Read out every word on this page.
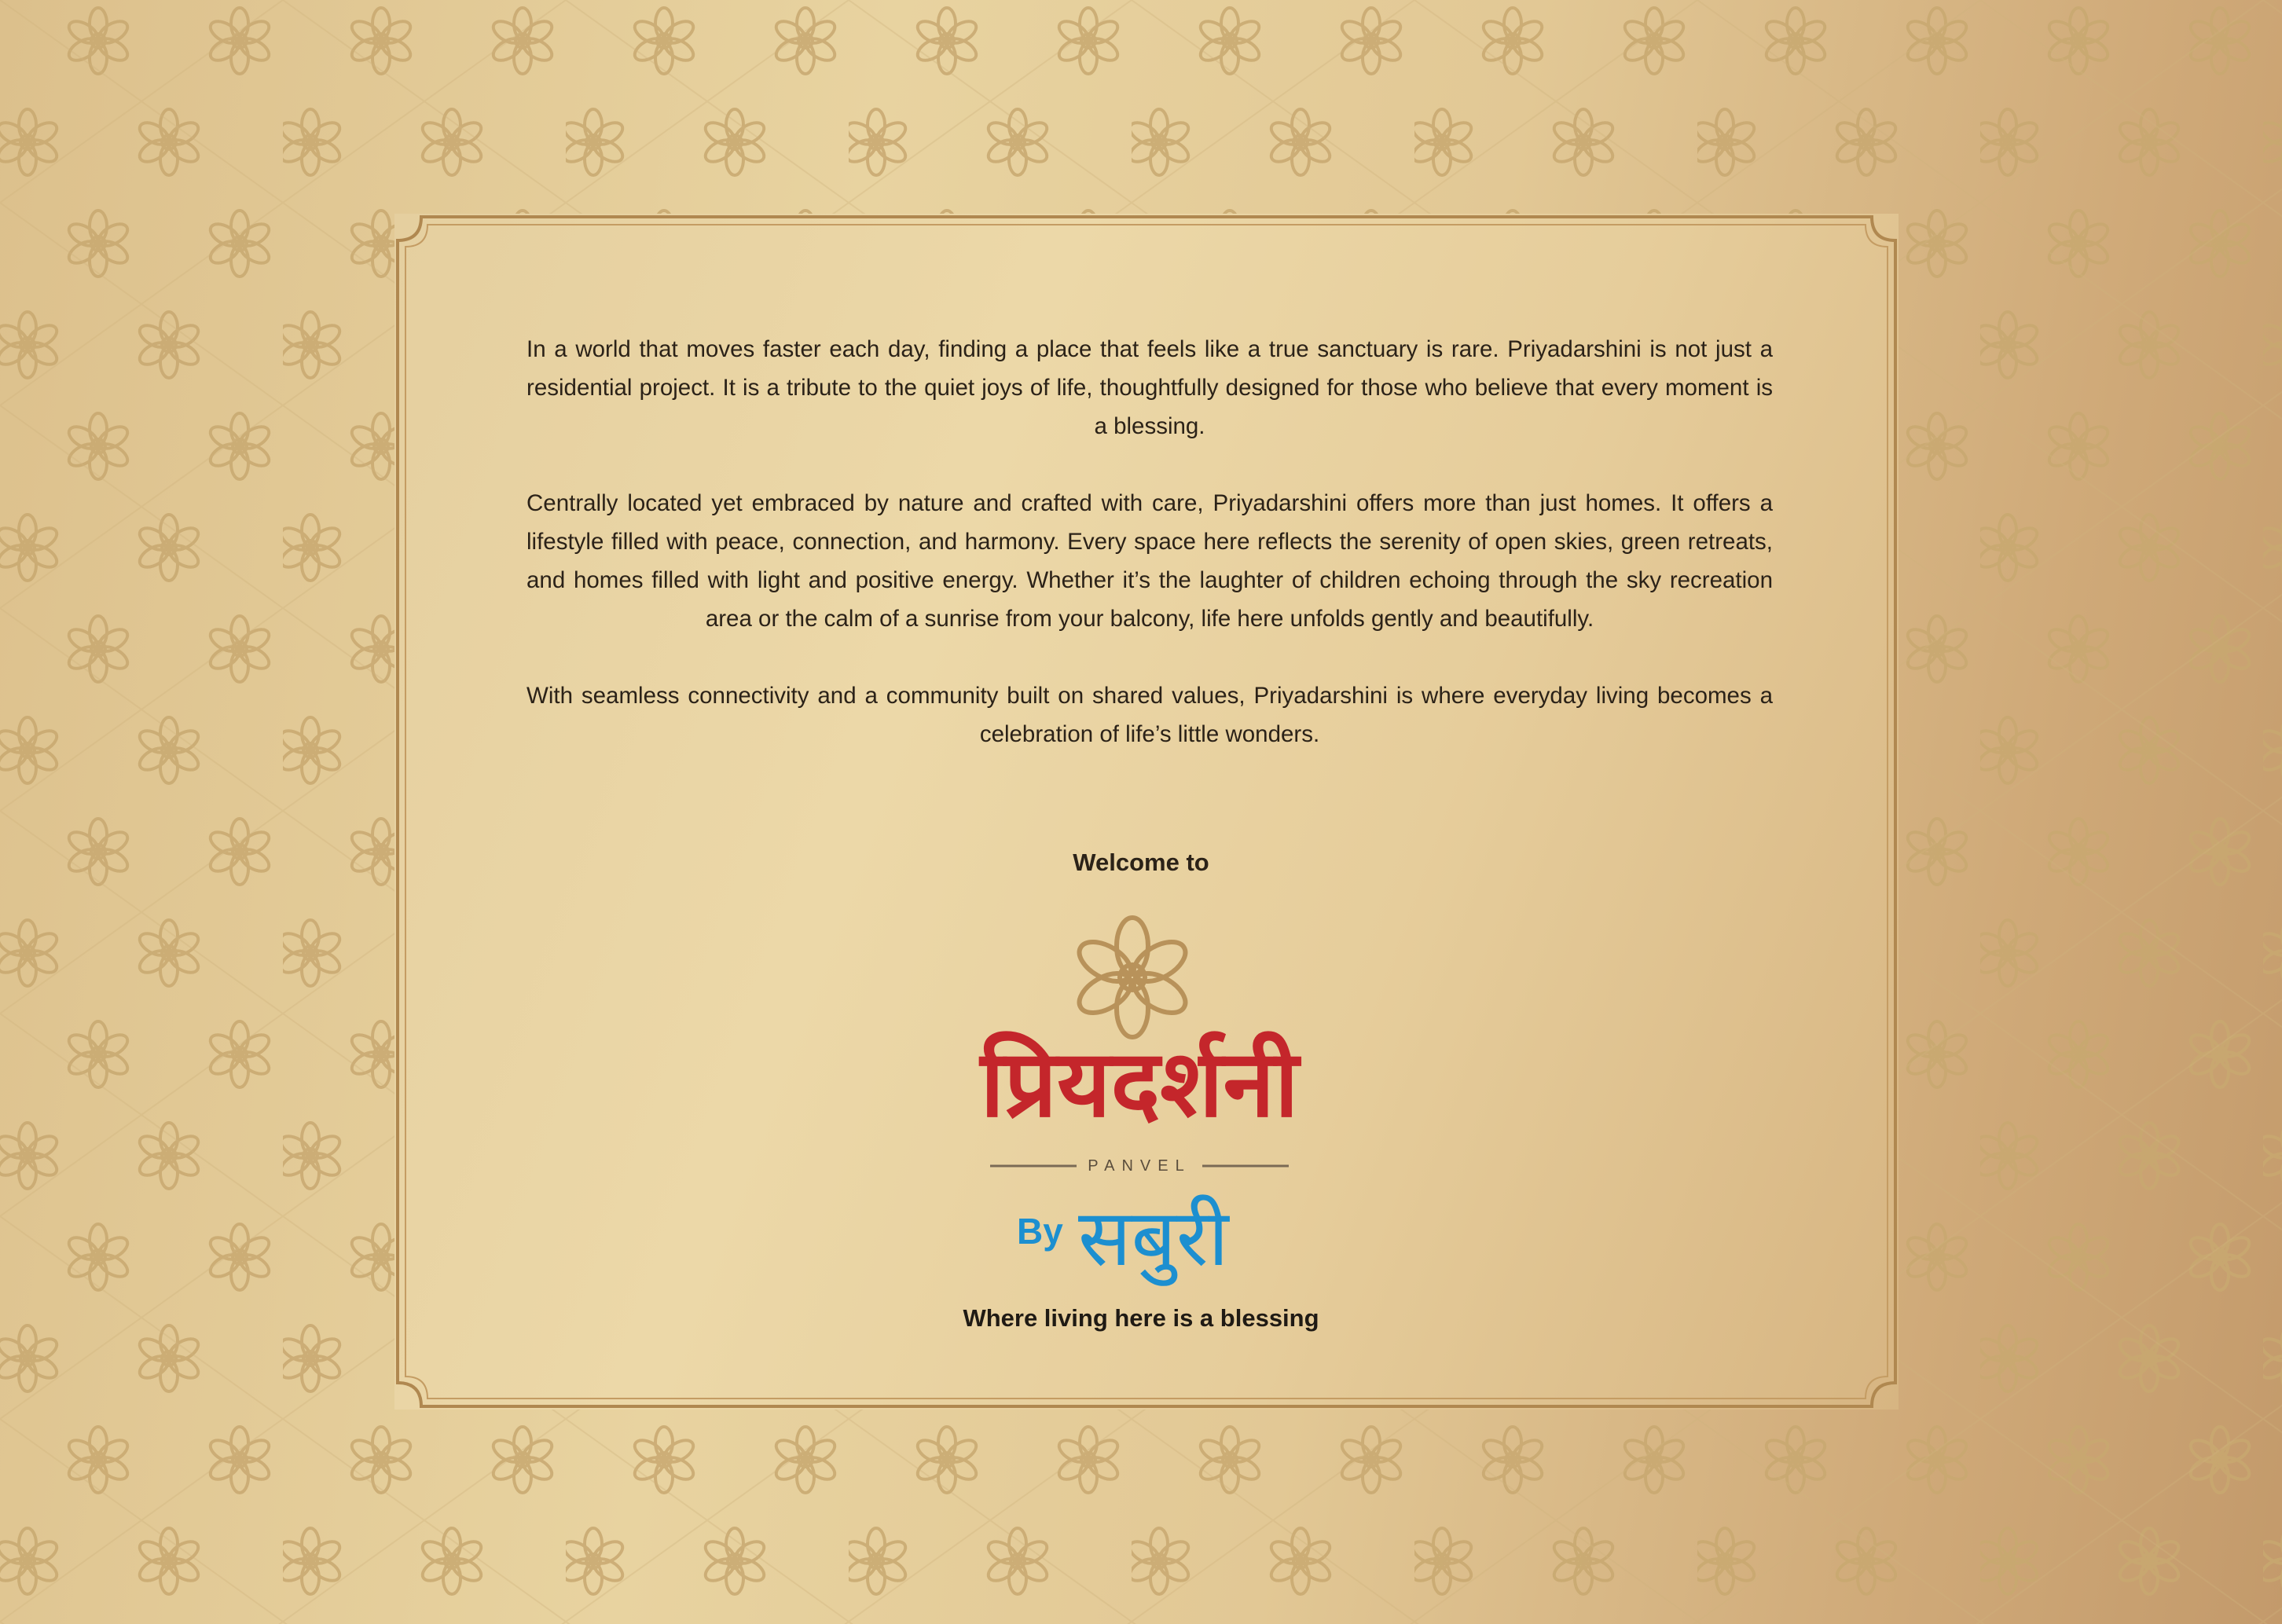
In a world that moves faster each day, finding a place that feels like a true sanctuary is rare. Priyadarshini is not just a residential project. It is a tribute to the quiet joys of life, thoughtfully designed for those who believe that every moment is a blessing.

Centrally located yet embraced by nature and crafted with care, Priyadarshini offers more than just homes. It offers a lifestyle filled with peace, connection, and harmony. Every space here reflects the serenity of open skies, green retreats, and homes filled with light and positive energy. Whether it’s the laughter of children echoing through the sky recreation area or the calm of a sunrise from your balcony, life here unfolds gently and beautifully.

With seamless connectivity and a community built on shared values, Priyadarshini is where everyday living becomes a celebration of life’s little wonders.

Welcome to
प्रियदर्शनी
PANVEL
By सबुरी
Where living here is a blessing
